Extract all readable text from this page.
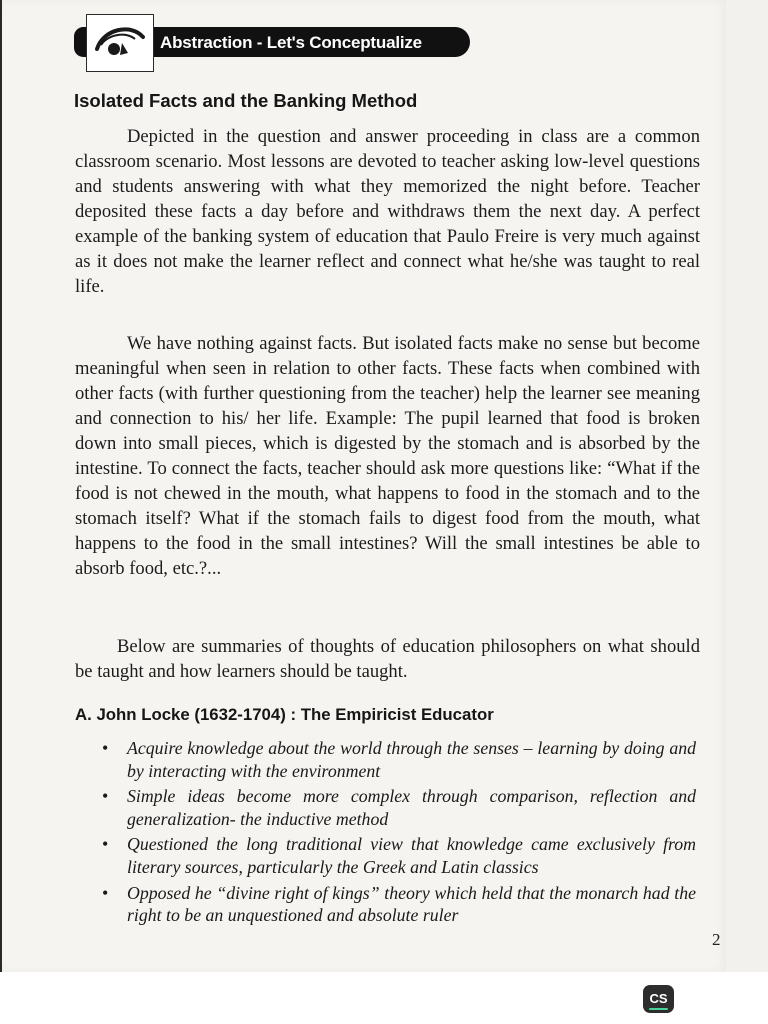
Abstraction - Let's Conceptualize
Isolated Facts and the Banking Method

Depicted in the question and answer proceeding in class are a common classroom scenario. Most lessons are devoted to teacher asking low-level questions and students answering with what they memorized the night before. Teacher deposited these facts a day before and withdraws them the next day. A perfect example of the banking system of education that Paulo Freire is very much against as it does not make the learner reflect and connect what he/she was taught to real life.

We have nothing against facts. But isolated facts make no sense but become meaningful when seen in relation to other facts. These facts when combined with other facts (with further questioning from the teacher) help the learner see meaning and connection to his/ her life. Example: The pupil learned that food is broken down into small pieces, which is digested by the stomach and is absorbed by the intestine. To connect the facts, teacher should ask more questions like: “What if the food is not chewed in the mouth, what happens to food in the stomach and to the stomach itself? What if the stomach fails to digest food from the mouth, what happens to the food in the small intestines? Will the small intestines be able to absorb food, etc.?...

Below are summaries of thoughts of education philosophers on what should be taught and how learners should be taught.

A. John Locke (1632-1704) : The Empiricist Educator
• Acquire knowledge about the world through the senses – learning by doing and by interacting with the environment
• Simple ideas become more complex through comparison, reflection and generalization- the inductive method
• Questioned the long traditional view that knowledge came exclusively from literary sources, particularly the Greek and Latin classics
• Opposed he “divine right of kings” theory which held that the monarch had the right to be an unquestioned and absolute ruler
2
CS
